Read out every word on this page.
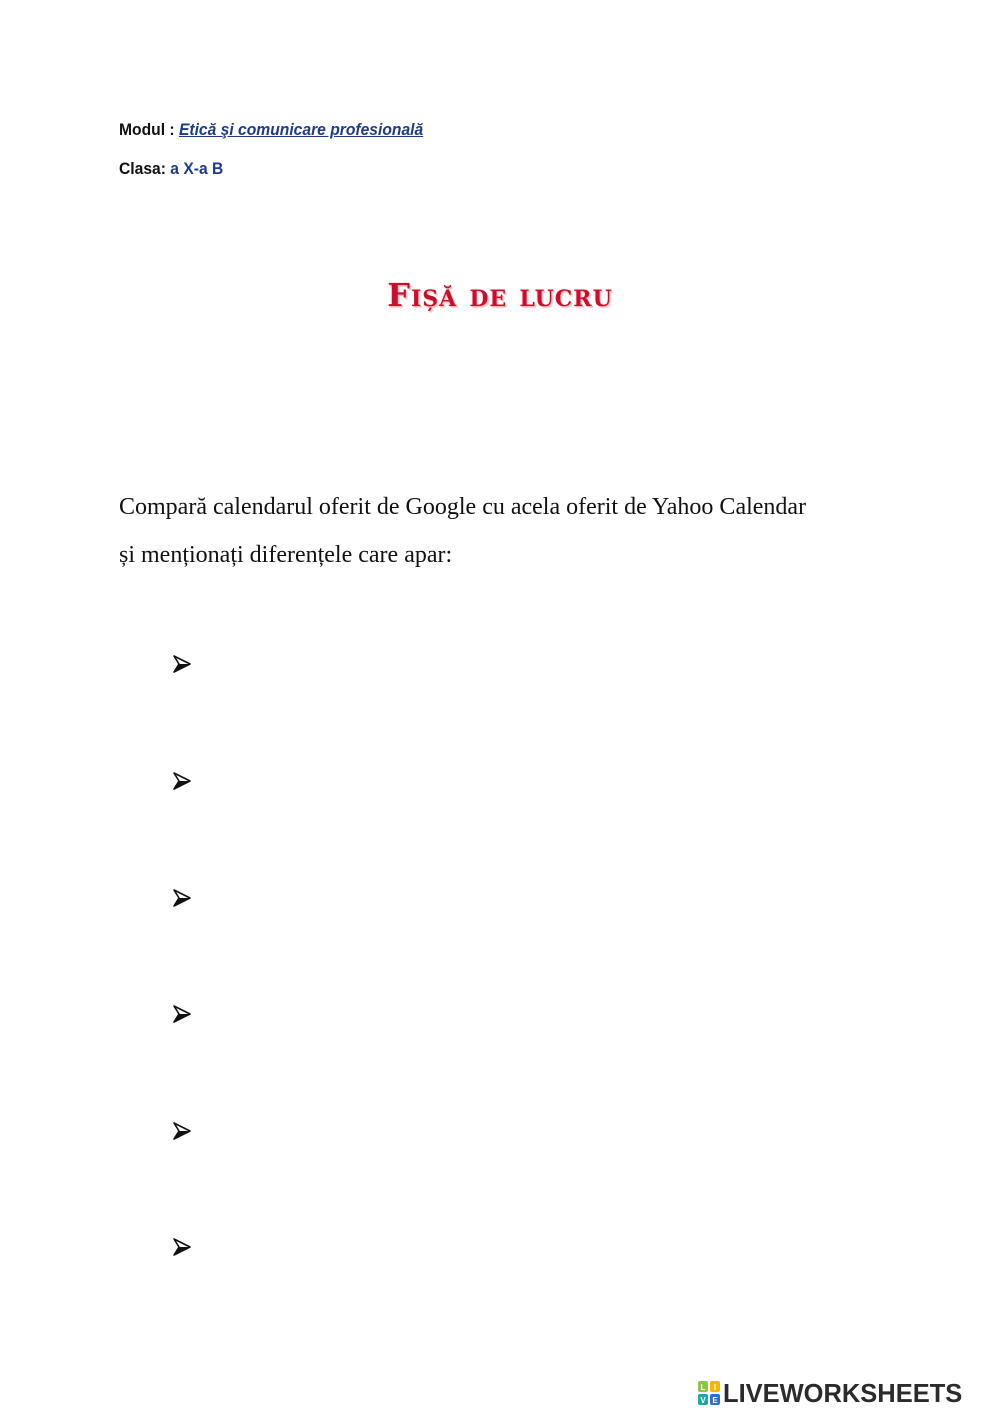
Modul : Etică şi comunicare profesională
Clasa: a X-a B
Fișă de lucru
Compară calendarul oferit de Google cu acela oferit de Yahoo Calendar
și menționați diferențele care apar:
L I
V E LIVEWORKSHEETS
